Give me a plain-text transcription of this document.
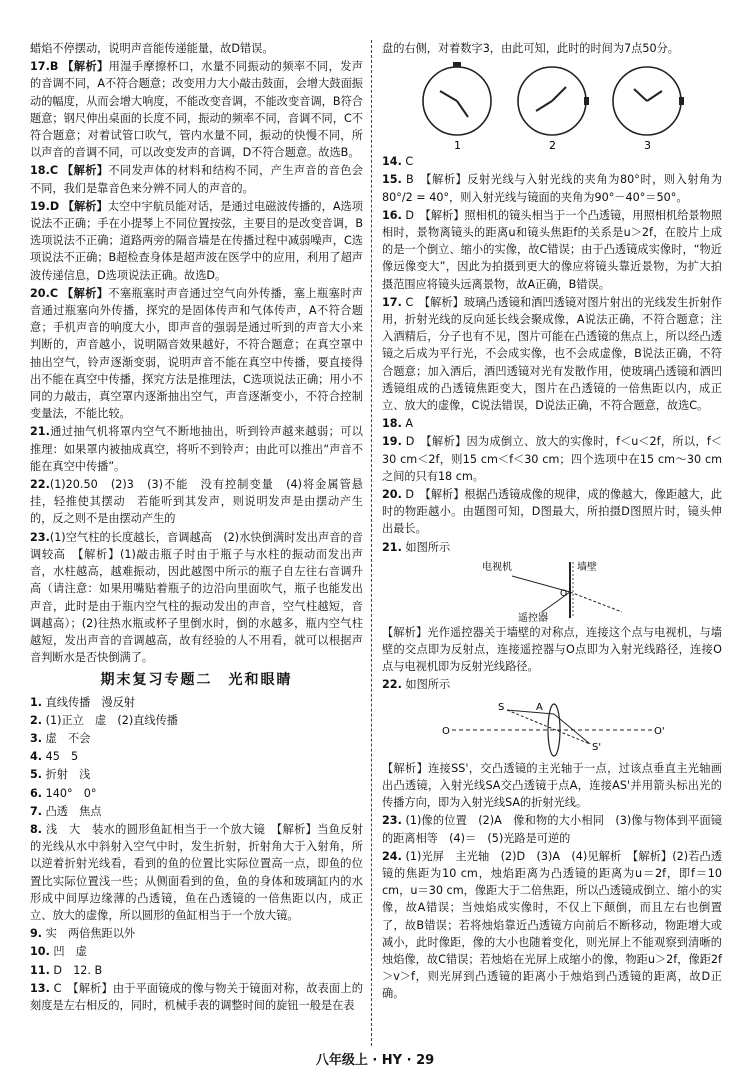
蜡焰不停摆动，说明声音能传递能量，故D错误。
17.B 【解析】用湿手摩擦杯口，水量不同振动的频率不同，发声的音调不同，A不符合题意；改变用力大小敲击鼓面，会增大鼓面振动的幅度，从而会增大响度，不能改变音调，不能改变音调，B符合题意；钢尺伸出桌面的长度不同，振动的频率不同，音调不同，C不符合题意；对着试管口吹气，管内水量不同，振动的快慢不同，所以声音的音调不同，可以改变发声的音调，D不符合题意。故选B。
18.C 【解析】不同发声体的材料和结构不同，产生声音的音色会不同，我们是靠音色来分辨不同人的声音的。
19.D 【解析】太空中宇航员能对话，是通过电磁波传播的，A选项说法不正确；手在小提琴上不同位置按弦，主要目的是改变音调，B选项说法不正确；道路两旁的隔音墙是在传播过程中减弱噪声，C选项说法不正确；B超检查身体是超声波在医学中的应用，利用了超声波传递信息，D选项说法正确。故选D。
20.C 【解析】不塞瓶塞时声音通过空气向外传播，塞上瓶塞时声音通过瓶塞向外传播，探究的是固体传声和气体传声，A不符合题意；手机声音的响度大小，即声音的强弱是通过听到的声音大小来判断的，声音越小，说明隔音效果越好，不符合题意；在真空罩中抽出空气，铃声逐渐变弱，说明声音不能在真空中传播，要直接得出不能在真空中传播，探究方法是推理法，C选项说法正确；用小不同的力敲击，真空罩内逐渐抽出空气，声音逐渐变小，不符合控制变量法，不能比较。
21.通过抽气机将罩内空气不断地抽出，听到铃声越来越弱；可以推理：如果罩内被抽成真空，将听不到铃声；由此可以推出“声音不能在真空中传播”。
22.(1)20.50　(2)3　(3)不能　没有控制变量　(4)将金属管悬挂，轻推使其摆动　若能听到其发声，则说明发声是由摆动产生的，反之则不是由摆动产生的
23.(1)空气柱的长度越长，音调越高　(2)水快倒满时发出声音的音调较高　【解析】(1)敲击瓶子时由于瓶子与水柱的振动而发出声音，水柱越高，越难振动，因此越图中所示的瓶子自左往右音调升高（请注意：如果用嘴贴着瓶子的边沿向里面吹气，瓶子也能发出声音，此时是由于瓶内空气柱的振动发出的声音，空气柱越短，音调越高）；(2)往热水瓶或杯子里倒水时，倒的水越多，瓶内空气柱越短，发出声音的音调越高，故有经验的人不用看，就可以根据声音判断水是否快倒满了。
期末复习专题二　光和眼睛
1. 直线传播　漫反射
2. (1)正立　虚　(2)直线传播
3. 虚　不会
4. 45　5
5. 折射　浅
6. 140°　0°
7. 凸透　焦点
8. 浅　大　装水的圆形鱼缸相当于一个放大镜　【解析】当鱼反射的光线从水中斜射入空气中时，发生折射，折射角大于入射角，所以逆着折射光线看，看到的鱼的位置比实际位置高一点，即鱼的位置比实际位置浅一些；从侧面看到的鱼，鱼的身体和玻璃缸内的水形成中间厚边缘薄的凸透镜，鱼在凸透镜的一倍焦距以内，成正立、放大的虚像，所以圆形的鱼缸相当于一个放大镜。
9. 实　两倍焦距以外
10. 凹　虚
11. D　12. B
13. C　【解析】由于平面镜成的像与物关于镜面对称，故表面上的刻度是左右相反的，同时，机械手表的调整时间的旋钮一般是在表
盘的右侧，对着数字3，由此可知，此时的时间为7点50分。
1	2	3
14. C
15. B　【解析】反射光线与入射光线的夹角为80°时，则入射角为 80°/2 = 40°，则入射光线与镜面的夹角为90°－40°＝50°。
16. D　【解析】照相机的镜头相当于一个凸透镜，用照相机给景物照相时，景物离镜头的距离u和镜头焦距f的关系是u＞2f，在胶片上成的是一个倒立、缩小的实像，故C错误；由于凸透镜成实像时，“物近像远像变大”，因此为拍摄到更大的像应将镜头靠近景物，为扩大拍摄范围应将镜头远离景物，故A正确，B错误。
17. C　【解析】玻璃凸透镜和酒凹透镜对图片射出的光线发生折射作用，折射光线的反向延长线会聚成像，A说法正确，不符合题意；注入酒精后，分子也有不见，图片可能在凸透镜的焦点上，所以经凸透镜之后成为平行光，不会成实像，也不会成虚像，B说法正确，不符合题意；加入酒后，酒凹透镜对光有发散作用，使玻璃凸透镜和酒凹透镜组成的凸透镜焦距变大，图片在凸透镜的一倍焦距以内，成正立、放大的虚像，C说法错误，D说法正确，不符合题意，故选C。
18. A
19. D　【解析】因为成倒立、放大的实像时，f＜u＜2f，所以，f＜30 cm＜2f，则15 cm＜f＜30 cm；四个选项中在15 cm～30 cm之间的只有18 cm。
20. D　【解析】根据凸透镜成像的规律，成的像越大，像距越大，此时的物距越小。由题图可知，D图最大，所拍摄D图照片时，镜头伸出最长。
21. 如图所示
电视机	墙壁
O
遥控器
【解析】光作遥控器关于墙壁的对称点，连接这个点与电视机，与墙壁的交点即为反射点，连接遥控器与O点即为入射光线路径，连接O点与电视机即为反射光线路径。
22. 如图所示
S	A
O	O'
S'
【解析】连接SS'，交凸透镜的主光轴于一点，过该点垂直主光轴画出凸透镜，入射光线SA交凸透镜于点A，连接AS'并用箭头标出光的传播方向，即为入射光线SA的折射光线。
23. (1)像的位置　(2)A　像和物的大小相同　(3)像与物体到平面镜的距离相等　(4)＝　(5)光路是可逆的
24. (1)光屏　主光轴　(2)D　(3)A　(4)见解析　【解析】(2)若凸透镜的焦距为10 cm，烛焰距离为凸透镜的距离为u＝2f，即f＝10 cm，u＝30 cm，像距大于二倍焦距，所以凸透镜成倒立、缩小的实像，故A错误；当烛焰成实像时，不仅上下颠倒，而且左右也倒置了，故B错误；若将烛焰靠近凸透镜方向前后不断移动，物距增大或减小，此时像距，像的大小也随着变化，则光屏上不能观察到清晰的烛焰像，故C错误；若烛焰在光屏上成缩小的像，物距u＞2f，像距2f＞v＞f，则光屏到凸透镜的距离小于烛焰到凸透镜的距离，故D正确。
八年级上 · HY · 29
